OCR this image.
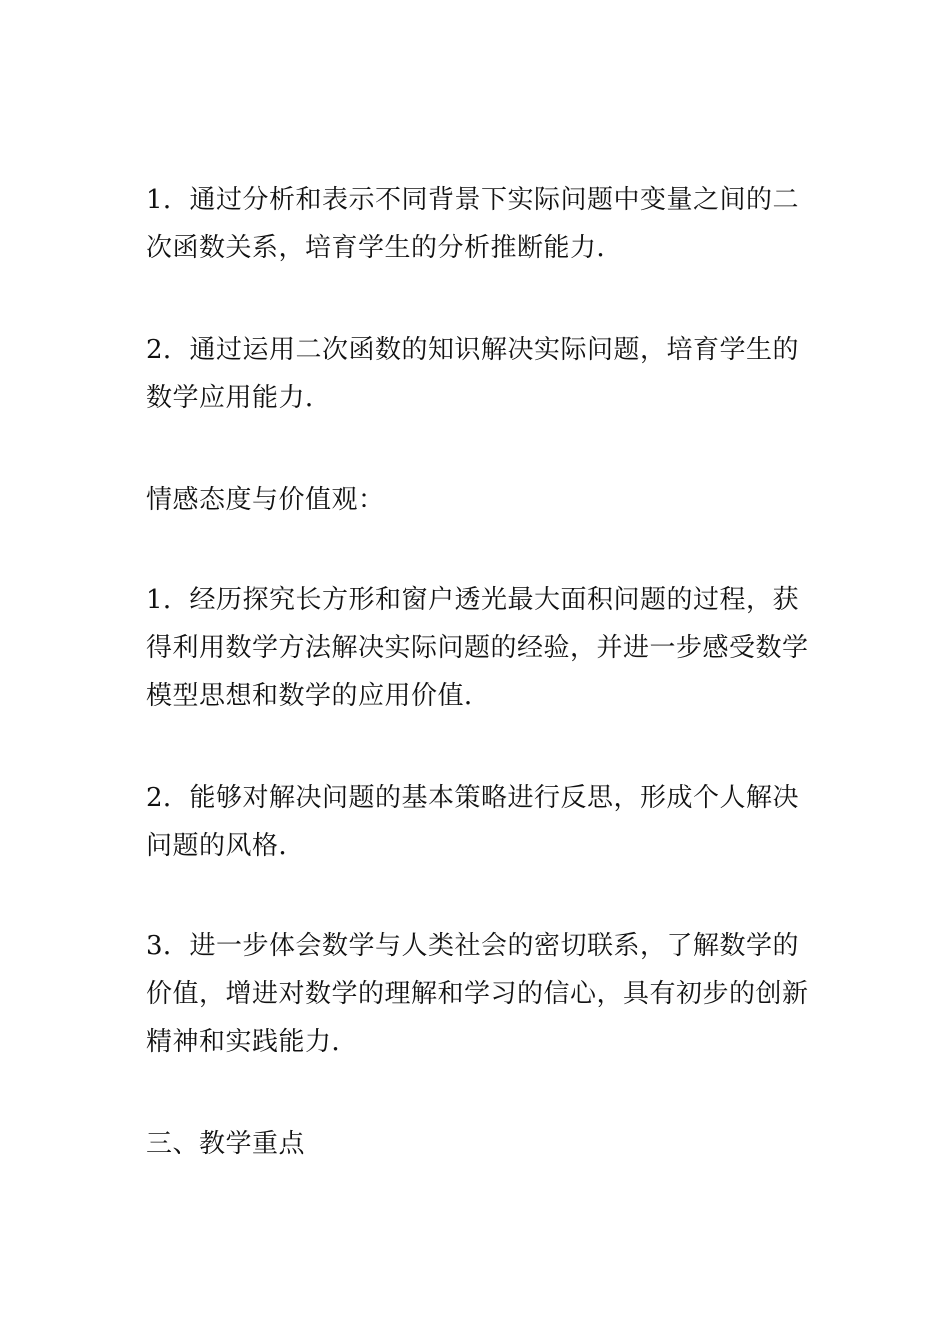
1．通过分析和表示不同背景下实际问题中变量之间的二次函数关系，培育学生的分析推断能力．

2．通过运用二次函数的知识解决实际问题，培育学生的数学应用能力．

情感态度与价值观：

1．经历探究长方形和窗户透光最大面积问题的过程，获得利用数学方法解决实际问题的经验，并进一步感受数学模型思想和数学的应用价值．

2．能够对解决问题的基本策略进行反思，形成个人解决问题的风格．

3．进一步体会数学与人类社会的密切联系，了解数学的价值，增进对数学的理解和学习的信心，具有初步的创新精神和实践能力．

三、教学重点
